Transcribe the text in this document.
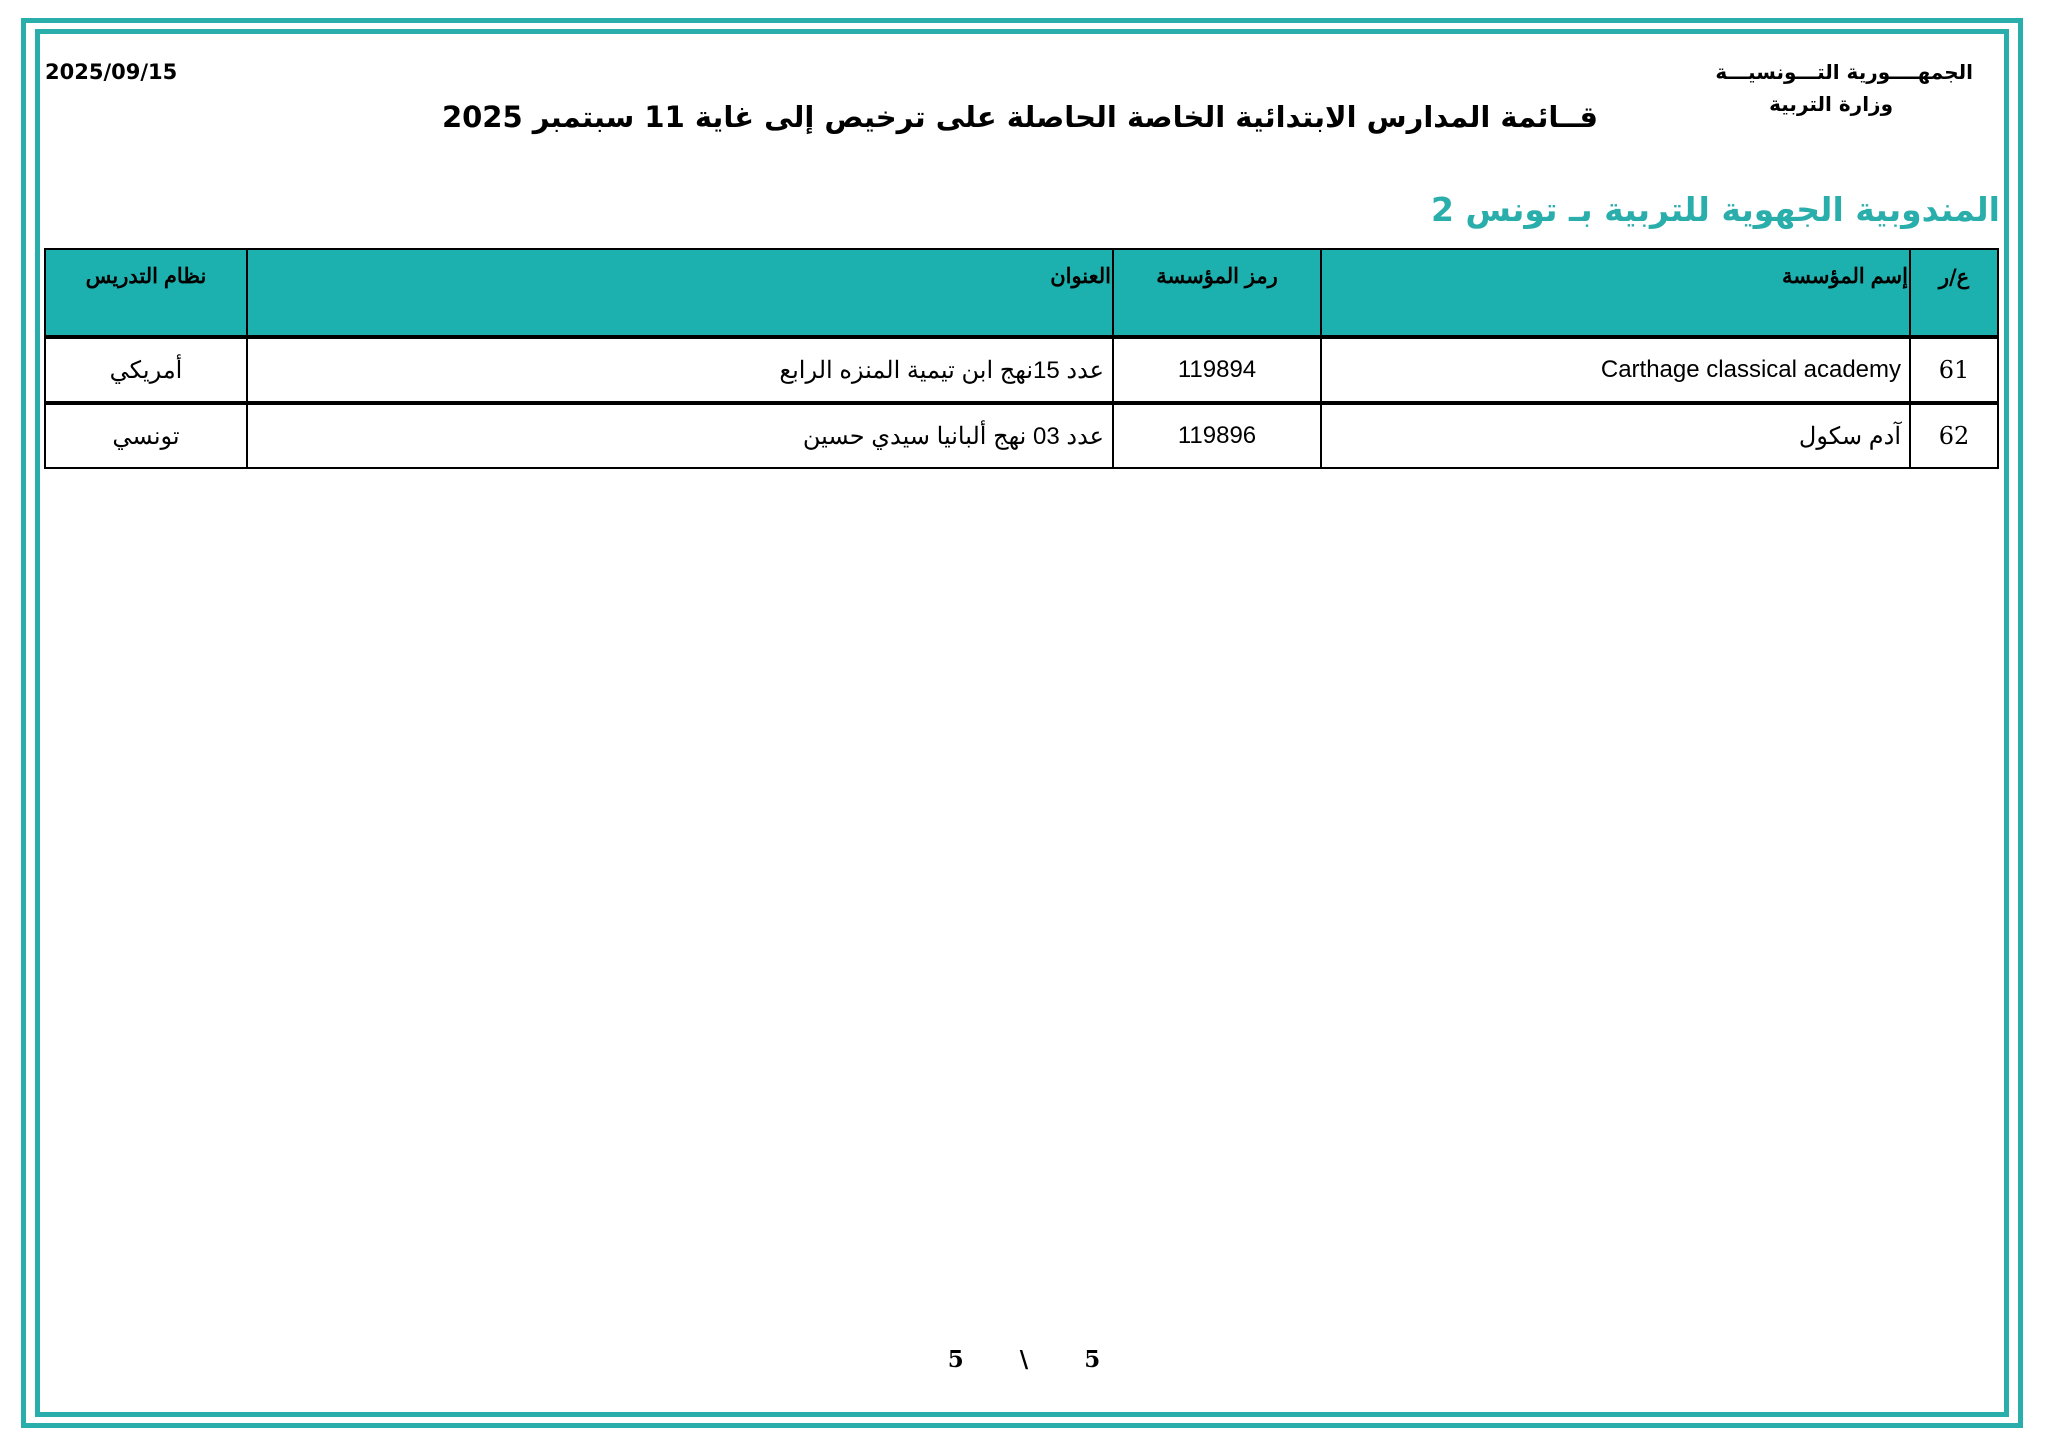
2025/09/15	الجمهــــورية التـــونسيـــة
وزارة التربية
قــائمة المدارس الابتدائية الخاصة الحاصلة على ترخيص إلى غاية 11 سبتمبر 2025
المندوبية الجهوية للتربية بـ تونس 2
ع/ر	إسم المؤسسة	رمز المؤسسة	العنوان	نظام التدريس
61	Carthage classical academy	119894	عدد 15نهج ابن تيمية المنزه الرابع	أمريكي
62	آدم سكول	119896	عدد 03 نهج ألبانيا سيدي حسين	تونسي
5 \ 5
